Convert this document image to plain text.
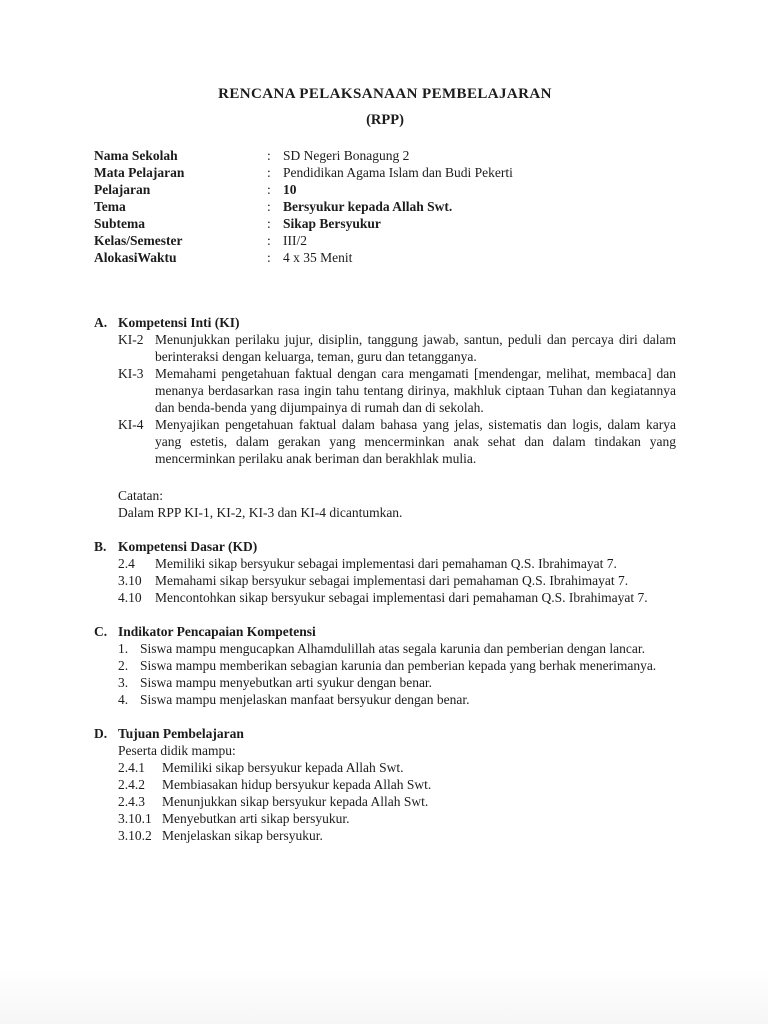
RENCANA PELAKSANAAN PEMBELAJARAN
(RPP)
Nama Sekolah	: SD Negeri Bonagung 2
Mata Pelajaran	: Pendidikan Agama Islam dan Budi Pekerti
Pelajaran	: 10
Tema	: Bersyukur kepada Allah Swt.
Subtema	: Sikap Bersyukur
Kelas/Semester	: III/2
AlokasiWaktu	: 4 x 35 Menit
A. Kompetensi Inti (KI)
KI-2 Menunjukkan perilaku jujur, disiplin, tanggung jawab, santun, peduli dan percaya diri dalam berinteraksi dengan keluarga, teman, guru dan tetangganya.
KI-3 Memahami pengetahuan faktual dengan cara mengamati [mendengar, melihat, membaca] dan menanya berdasarkan rasa ingin tahu tentang dirinya, makhluk ciptaan Tuhan dan kegiatannya dan benda-benda yang dijumpainya di rumah dan di sekolah.
KI-4 Menyajikan pengetahuan faktual dalam bahasa yang jelas, sistematis dan logis, dalam karya yang estetis, dalam gerakan yang mencerminkan anak sehat dan dalam tindakan yang mencerminkan perilaku anak beriman dan berakhlak mulia.
Catatan:
Dalam RPP KI-1, KI-2, KI-3 dan KI-4 dicantumkan.
B. Kompetensi Dasar (KD)
2.4	Memiliki sikap bersyukur sebagai implementasi dari pemahaman Q.S. Ibrahimayat 7.
3.10 Memahami sikap bersyukur sebagai implementasi dari pemahaman Q.S. Ibrahimayat 7.
4.10 Mencontohkan sikap bersyukur sebagai implementasi dari pemahaman Q.S. Ibrahimayat 7.
C. Indikator Pencapaian Kompetensi
1. Siswa mampu mengucapkan Alhamdulillah atas segala karunia dan pemberian dengan lancar.
2. Siswa mampu memberikan sebagian karunia dan pemberian kepada yang berhak menerimanya.
3. Siswa mampu menyebutkan arti syukur dengan benar.
4. Siswa mampu menjelaskan manfaat bersyukur dengan benar.
D. Tujuan Pembelajaran
Peserta didik mampu:
2.4.1	Memiliki sikap bersyukur kepada Allah Swt.
2.4.2	Membiasakan hidup bersyukur kepada Allah Swt.
2.4.3	Menunjukkan sikap bersyukur kepada Allah Swt.
3.10.1 Menyebutkan arti sikap bersyukur.
3.10.2 Menjelaskan sikap bersyukur.
